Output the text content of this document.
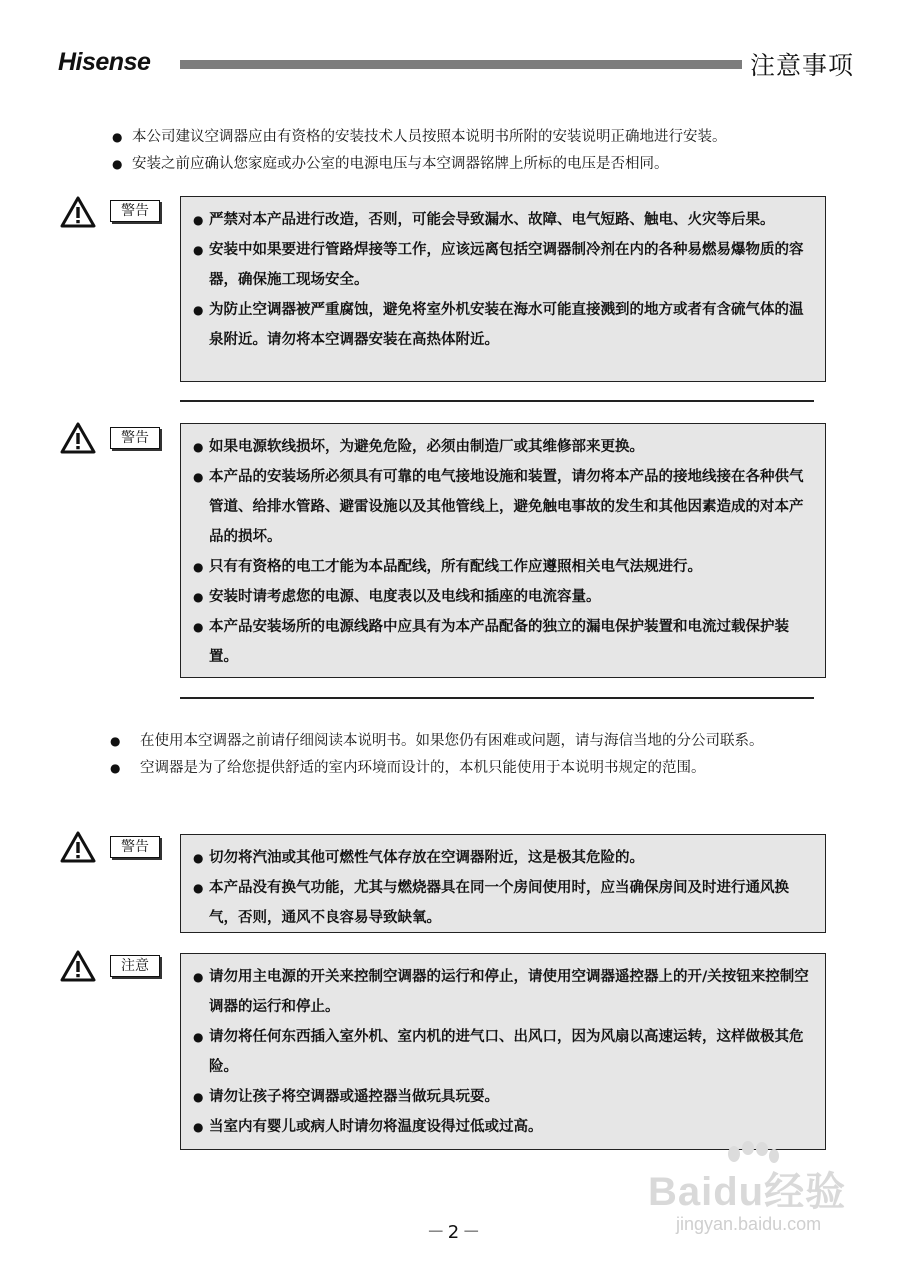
Hisense	注意事项
● 本公司建议空调器应由有资格的安装技术人员按照本说明书所附的安装说明正确地进行安装。
● 安装之前应确认您家庭或办公室的电源电压与本空调器铭牌上所标的电压是否相同。
警告
● 严禁对本产品进行改造，否则，可能会导致漏水、故障、电气短路、触电、火灾等后果。
● 安装中如果要进行管路焊接等工作，应该远离包括空调器制冷剂在内的各种易燃易爆物质的容器，确保施工现场安全。
● 为防止空调器被严重腐蚀，避免将室外机安装在海水可能直接溅到的地方或者有含硫气体的温泉附近。请勿将本空调器安装在高热体附近。
警告
● 如果电源软线损坏，为避免危险，必须由制造厂或其维修部来更换。
● 本产品的安装场所必须具有可靠的电气接地设施和装置，请勿将本产品的接地线接在各种供气管道、给排水管路、避雷设施以及其他管线上，避免触电事故的发生和其他因素造成的对本产品的损坏。
● 只有有资格的电工才能为本品配线，所有配线工作应遵照相关电气法规进行。
● 安装时请考虑您的电源、电度表以及电线和插座的电流容量。
● 本产品安装场所的电源线路中应具有为本产品配备的独立的漏电保护装置和电流过载保护装置。
● 在使用本空调器之前请仔细阅读本说明书。如果您仍有困难或问题，请与海信当地的分公司联系。
● 空调器是为了给您提供舒适的室内环境而设计的，本机只能使用于本说明书规定的范围。
警告
● 切勿将汽油或其他可燃性气体存放在空调器附近，这是极其危险的。
● 本产品没有换气功能，尤其与燃烧器具在同一个房间使用时，应当确保房间及时进行通风换气，否则，通风不良容易导致缺氧。
注意
● 请勿用主电源的开关来控制空调器的运行和停止，请使用空调器遥控器上的开/关按钮来控制空调器的运行和停止。
● 请勿将任何东西插入室外机、室内机的进气口、出风口，因为风扇以高速运转，这样做极其危险。
● 请勿让孩子将空调器或遥控器当做玩具玩耍。
● 当室内有婴儿或病人时请勿将温度设得过低或过高。
－2－
Baidu经验
jingyan.baidu.com
